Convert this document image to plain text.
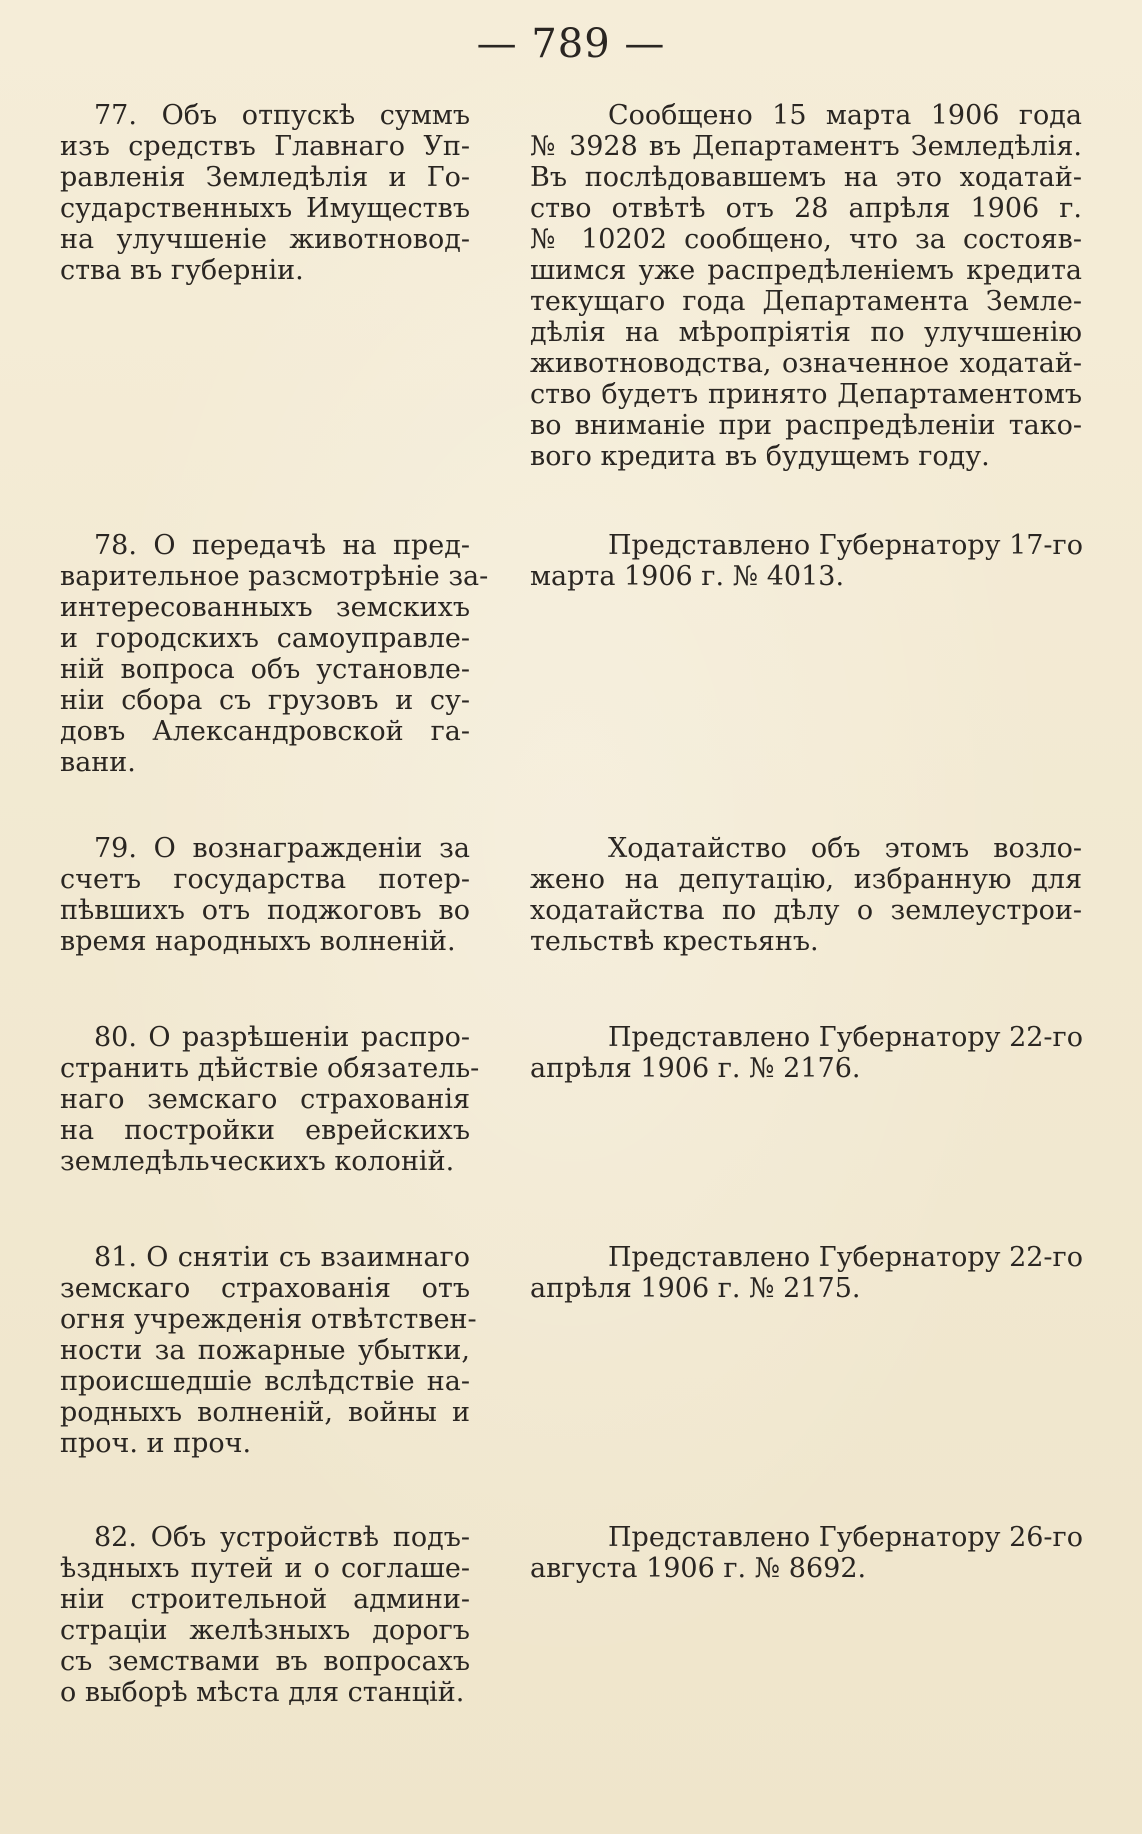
— 789 —
77. Объ отпускѣ суммъ
изъ средствъ Главнаго Уп-
равленія Земледѣлія и Го-
сударственныхъ Имуществъ
на улучшеніе животновод-
ства въ губерніи.
Сообщено 15 марта 1906 года
№ 3928 въ Департаментъ Земледѣлія.
Въ послѣдовавшемъ на это ходатай-
ство отвѣтѣ отъ 28 апрѣля 1906 г.
№ 10202 сообщено, что за состояв-
шимся уже распредѣленіемъ кредита
текущаго года Департамента Земле-
дѣлія на мѣропріятія по улучшенію
животноводства, означенное ходатай-
ство будетъ принято Департаментомъ
во вниманіе при распредѣленіи тако-
вого кредита въ будущемъ году.
78. О передачѣ на пред-
варительное разсмотрѣніе за-
интересованныхъ земскихъ
и городскихъ самоуправле-
ній вопроса объ установле-
ніи сбора съ грузовъ и су-
довъ Александровской га-
вани.
Представлено Губернатору 17-го
марта 1906 г. № 4013.
79. О вознагражденіи за
счетъ государства потер-
пѣвшихъ отъ поджоговъ во
время народныхъ волненій.
Ходатайство объ этомъ возло-
жено на депутацію, избранную для
ходатайства по дѣлу о землеустрои-
тельствѣ крестьянъ.
80. О разрѣшеніи распро-
странить дѣйствіе обязатель-
наго земскаго страхованія
на постройки еврейскихъ
земледѣльческихъ колоній.
Представлено Губернатору 22-го
апрѣля 1906 г. № 2176.
81. О снятіи съ взаимнаго
земскаго страхованія отъ
огня учрежденія отвѣтствен-
ности за пожарные убытки,
происшедшіе вслѣдствіе на-
родныхъ волненій, войны и
проч. и проч.
Представлено Губернатору 22-го
апрѣля 1906 г. № 2175.
82. Объ устройствѣ подъ-
ѣздныхъ путей и о соглаше-
ніи строительной админи-
страціи желѣзныхъ дорогъ
съ земствами въ вопросахъ
о выборѣ мѣста для станцій.
Представлено Губернатору 26-го
августа 1906 г. № 8692.
